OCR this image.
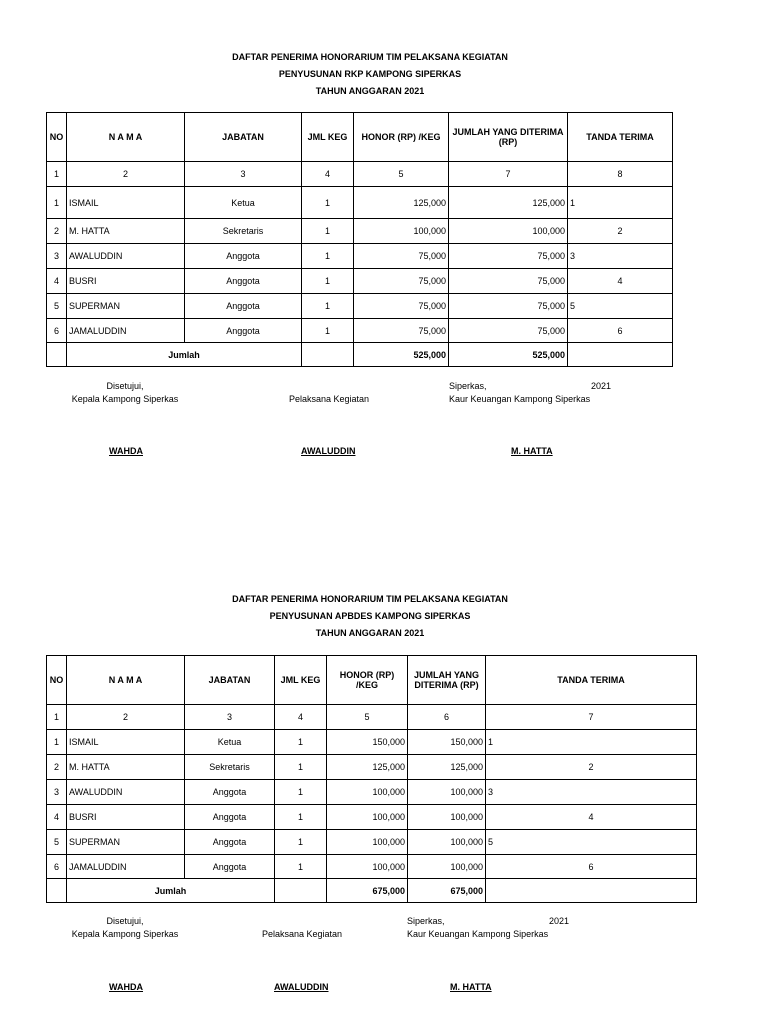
DAFTAR PENERIMA HONORARIUM TIM PELAKSANA KEGIATAN
PENYUSUNAN RKP KAMPONG SIPERKAS
TAHUN ANGGARAN 2021
NO	N A M A	JABATAN	JML KEG	HONOR (RP) /KEG	JUMLAH YANG DITERIMA (RP)	TANDA TERIMA
1	2	3	4	5	7	8
1	ISMAIL	Ketua	1	125,000	125,000	1

2	M. HATTA	Sekretaris	1	100,000	100,000	2

3	AWALUDDIN	Anggota	1	75,000	75,000	3

4	BUSRI	Anggota	1	75,000	75,000	4

5	SUPERMAN	Anggota	1	75,000	75,000	5

6	JAMALUDDIN	Anggota	1	75,000	75,000	6

	Jumlah			525,000	525,000	
Disetujui,
Kepala Kampong Siperkas	Pelaksana Kegiatan
Siperkas,	2021
Kaur Keuangan Kampong Siperkas
WAHDA	AWALUDDIN	M. HATTA
DAFTAR PENERIMA HONORARIUM TIM PELAKSANA KEGIATAN
PENYUSUNAN APBDES KAMPONG SIPERKAS
TAHUN ANGGARAN 2021
NO	N A M A	JABATAN	JML KEG	HONOR (RP) /KEG	JUMLAH YANG DITERIMA (RP)	TANDA TERIMA
1	2	3	4	5	6	7
1	ISMAIL	Ketua	1	150,000	150,000	1

2	M. HATTA	Sekretaris	1	125,000	125,000	2

3	AWALUDDIN	Anggota	1	100,000	100,000	3

4	BUSRI	Anggota	1	100,000	100,000	4

5	SUPERMAN	Anggota	1	100,000	100,000	5

6	JAMALUDDIN	Anggota	1	100,000	100,000	6

	Jumlah			675,000	675,000	
Disetujui,
Kepala Kampong Siperkas	Pelaksana Kegiatan
Siperkas,	2021
Kaur Keuangan Kampong Siperkas
WAHDA	AWALUDDIN	M. HATTA
